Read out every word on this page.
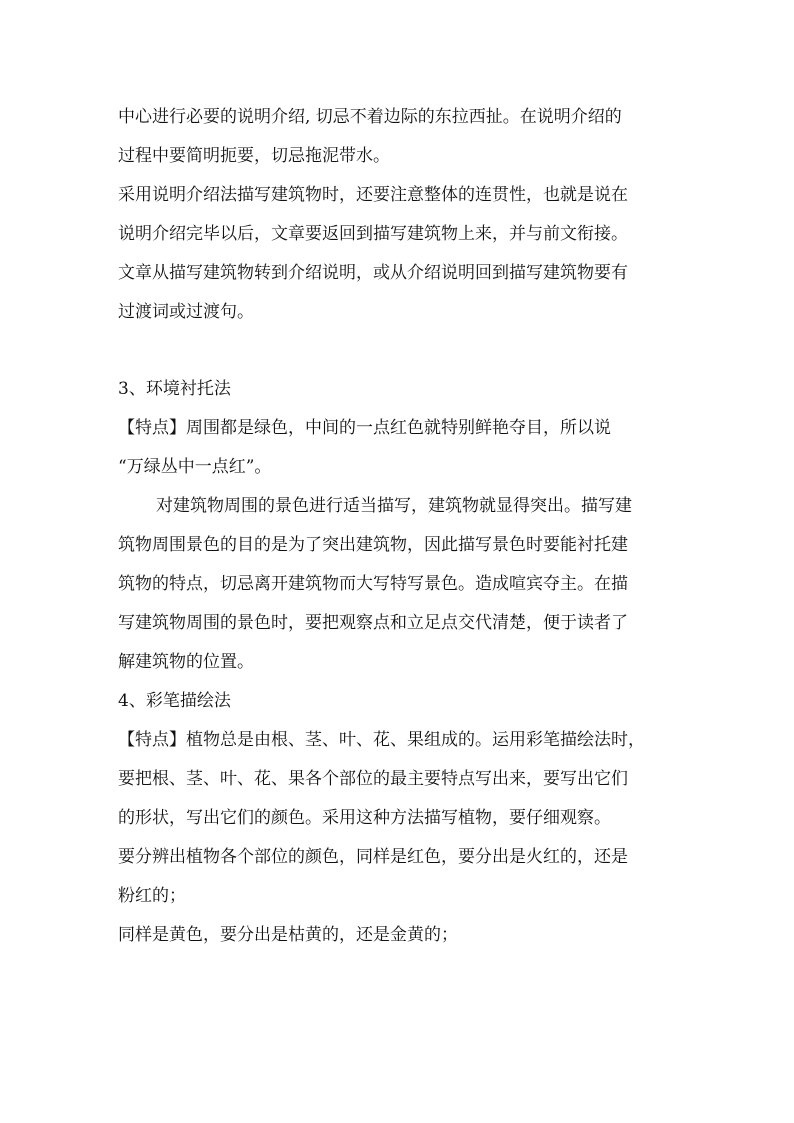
中心进行必要的说明介绍, 切忌不着边际的东拉西扯。在说明介绍的
过程中要简明扼要，切忌拖泥带水。
采用说明介绍法描写建筑物时，还要注意整体的连贯性，也就是说在
说明介绍完毕以后，文章要返回到描写建筑物上来，并与前文衔接。
文章从描写建筑物转到介绍说明，或从介绍说明回到描写建筑物要有
过渡词或过渡句。
3、环境衬托法
【特点】周围都是绿色，中间的一点红色就特别鲜艳夺目，所以说
“万绿丛中一点红”。
对建筑物周围的景色进行适当描写，建筑物就显得突出。描写建
筑物周围景色的目的是为了突出建筑物，因此描写景色时要能衬托建
筑物的特点，切忌离开建筑物而大写特写景色。造成喧宾夺主。在描
写建筑物周围的景色时，要把观察点和立足点交代清楚，便于读者了
解建筑物的位置。
4、彩笔描绘法
【特点】植物总是由根、茎、叶、花、果组成的。运用彩笔描绘法时，
要把根、茎、叶、花、果各个部位的最主要特点写出来，要写出它们
的形状，写出它们的颜色。采用这种方法描写植物，要仔细观察。
要分辨出植物各个部位的颜色，同样是红色，要分出是火红的，还是
粉红的；
同样是黄色，要分出是枯黄的，还是金黄的；
